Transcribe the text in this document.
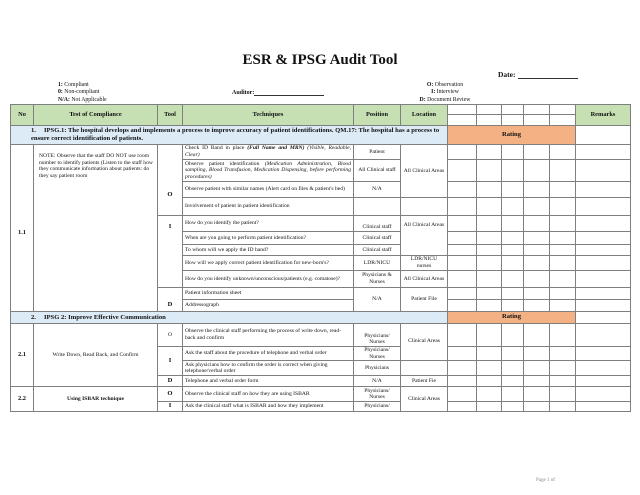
ESR & IPSG Audit Tool
Date:
1: Compliant
0: Non-compliant
N/A: Not Applicable
Auditor:
O: Observation
I: Interview
D: Document Review
No	Test of Compliance	Tool	Techniques	Position	Location						Remarks

1. IPSG.1: The hospital develops and implements a process to improve accuracy of patient identifications. QM.17: The hospital has a process to ensure correct identification of patients.						Rating					
1.1	NOTE: Observe that the staff DO NOT use room number to identify patients (Listen to the staff how they communicate information about patients: do they say patient room	O	Check ID Band in place (Full Name and MRN) (Visible, Readable, Clear)	Patient	All Clinical Areas						
			Observe patient identification (Medication Administration, Blood sampling, Blood Transfusion, Medication Dispensing, before performing procedures)	All Clinical staff							
			Observe patient with similar names (Alert card on files & patient's bed)	N/A							
			Involvement of patient in patient identification								
		I	How do you identify the patient?	Clinical staff	All Clinical Areas						
			When are you going to perform patient identification?	Clinical staff							
			To whom will we apply the ID band?	Clinical staff							
			How will we apply correct patient identification for new-born's?	LDR/NICU	LDR/NICU nurses						
			How do you identify unknown/unconscious/patients (e.g. comatose)?	Physicians & Nurses	All Clinical Areas						
		D	Patient information sheet	N/A	Patient File						
			Addressograph								
2. IPSG 2: Improve Effective Communication						Rating					
2.1	Write Down, Read Back, and Confirm	O	Observe the clinical staff performing the process of write down, read-back and confirm	Physicians/ Nurses	Clinical Areas						
		I	Ask the staff about the procedure of telephone and verbal order	Physicians/ Nurses							
			Ask physicians how to confirm the order is correct when giving telephone/verbal order	Physicians							
		D	Telephone and verbal order form	N/A	Patient Fie						
2.2	Using ISBAR technique	O	Observe the clinical staff on how they are using ISBAR	Physicians/ Nurses	Clinical Areas						
		I	Ask the clinical staff what is ISBAR and how they implement	Physicians/							
Page 1 of
